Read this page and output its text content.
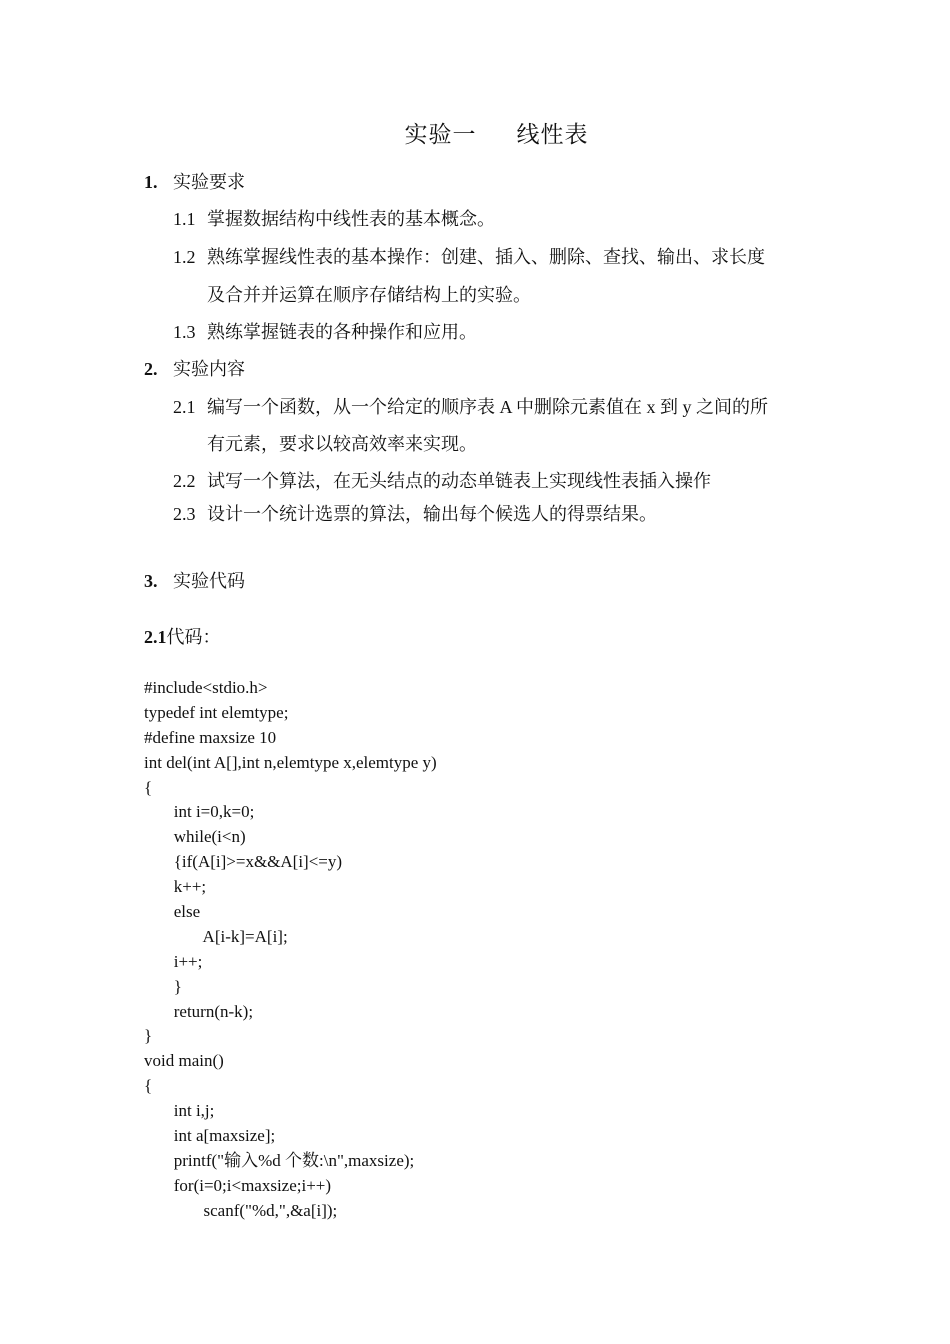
实验一 线性表
1. 实验要求
1.1 掌握数据结构中线性表的基本概念。
1.2 熟练掌握线性表的基本操作：创建、插入、删除、查找、输出、求长度
及合并并运算在顺序存储结构上的实验。
1.3 熟练掌握链表的各种操作和应用。
2. 实验内容
2.1 编写一个函数，从一个给定的顺序表 A 中删除元素值在 x 到 y 之间的所
有元素，要求以较高效率来实现。
2.2 试写一个算法，在无头结点的动态单链表上实现线性表插入操作
2.3 设计一个统计选票的算法，输出每个候选人的得票结果。
3. 实验代码
2.1代码：
#include<stdio.h>
typedef int elemtype;
#define maxsize 10
int del(int A[],int n,elemtype x,elemtype y)
{
int i=0,k=0;
while(i<n)
{if(A[i]>=x&&A[i]<=y)
k++;
else
A[i-k]=A[i];
i++;
}
return(n-k);
}
void main()
{
int i,j;
int a[maxsize];
printf("输入%d 个数:\n",maxsize);
for(i=0;i<maxsize;i++)
scanf("%d,",&a[i]);
